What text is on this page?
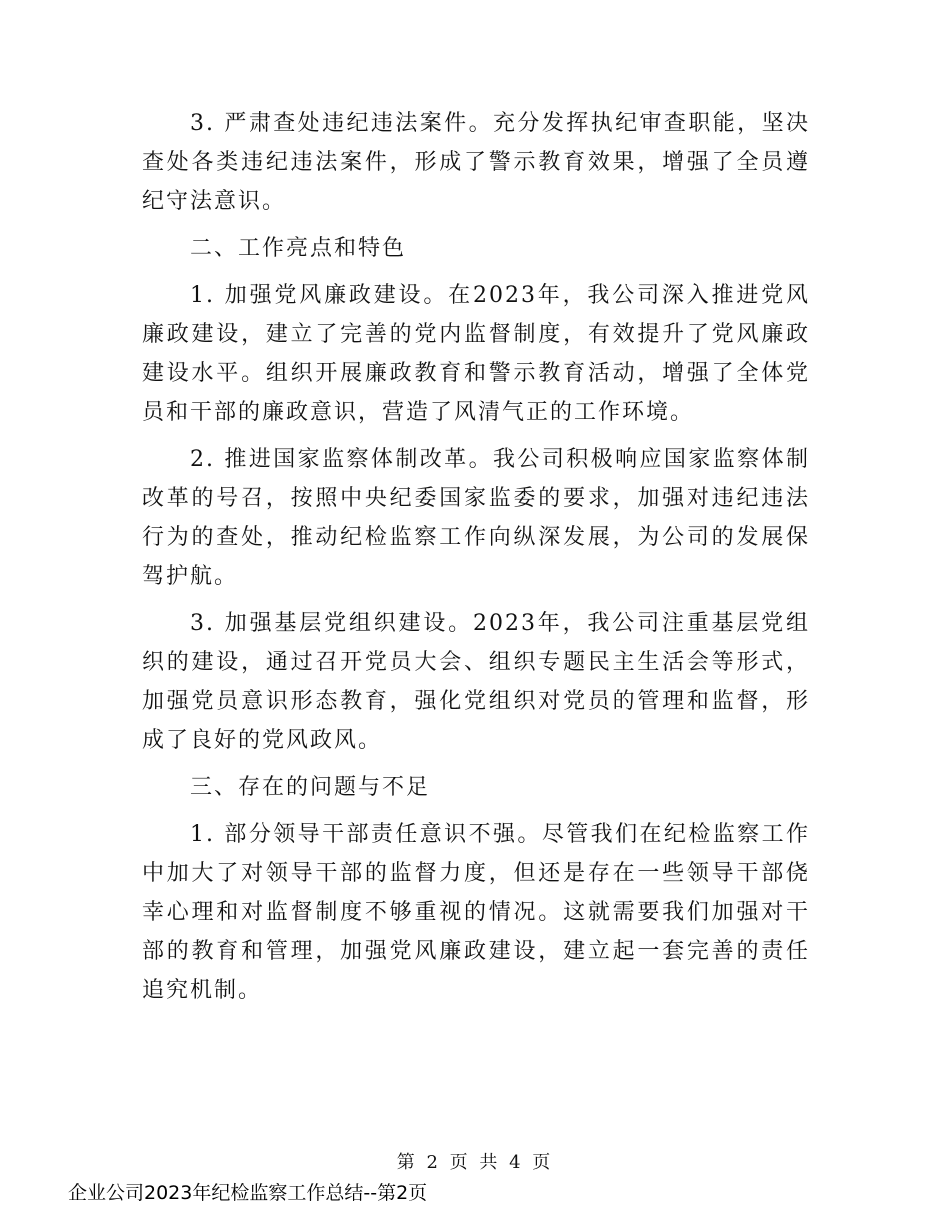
3. 严肃查处违纪违法案件。充分发挥执纪审查职能，坚决查处各类违纪违法案件，形成了警示教育效果，增强了全员遵纪守法意识。

二、工作亮点和特色

1. 加强党风廉政建设。在2023年，我公司深入推进党风廉政建设，建立了完善的党内监督制度，有效提升了党风廉政建设水平。组织开展廉政教育和警示教育活动，增强了全体党员和干部的廉政意识，营造了风清气正的工作环境。

2. 推进国家监察体制改革。我公司积极响应国家监察体制改革的号召，按照中央纪委国家监委的要求，加强对违纪违法行为的查处，推动纪检监察工作向纵深发展，为公司的发展保驾护航。

3. 加强基层党组织建设。2023年，我公司注重基层党组织的建设，通过召开党员大会、组织专题民主生活会等形式，加强党员意识形态教育，强化党组织对党员的管理和监督，形成了良好的党风政风。

三、存在的问题与不足

1. 部分领导干部责任意识不强。尽管我们在纪检监察工作中加大了对领导干部的监督力度，但还是存在一些领导干部侥幸心理和对监督制度不够重视的情况。这就需要我们加强对干部的教育和管理，加强党风廉政建设，建立起一套完善的责任追究机制。

第 2 页 共 4 页
企业公司2023年纪检监察工作总结--第2页
